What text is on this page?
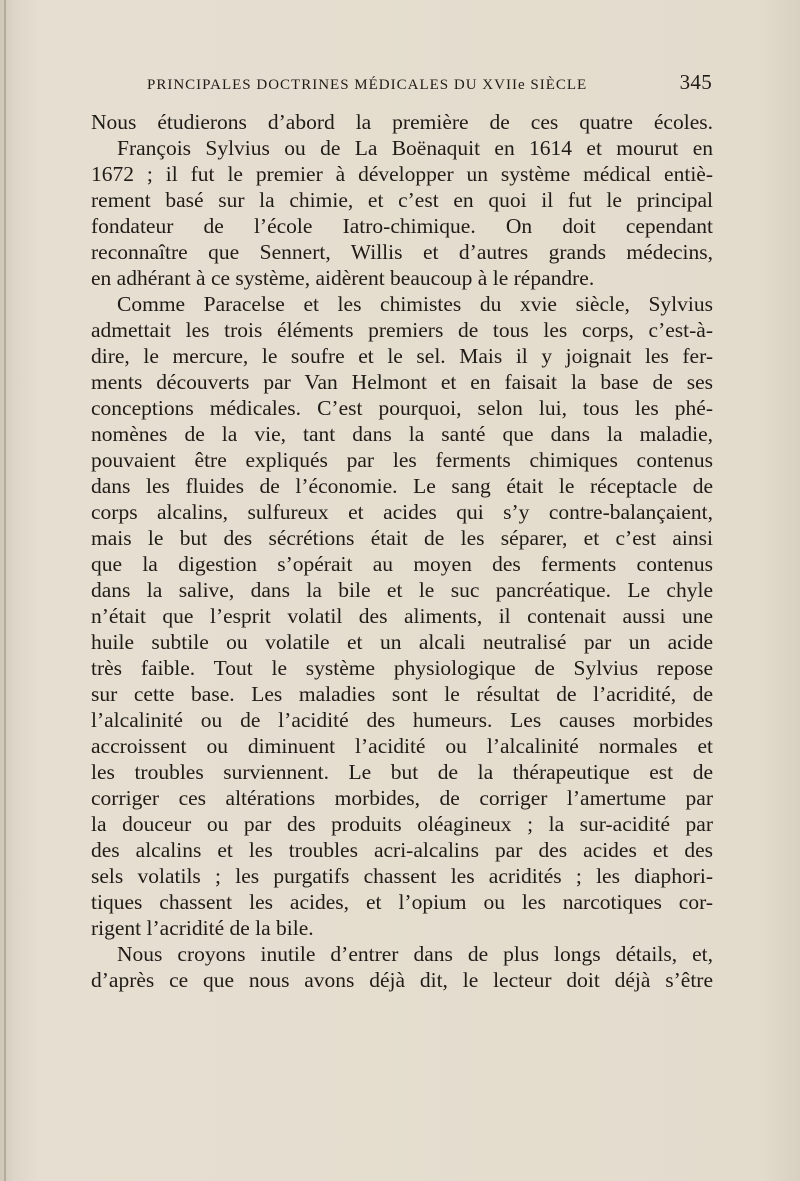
PRINCIPALES DOCTRINES MÉDICALES DU XVIIe SIÈCLE	345
Nous étudierons d’abord la première de ces quatre écoles.
François Sylvius ou de La Boënaquit en 1614 et mourut en
1672 ; il fut le premier à développer un système médical entiè-
rement basé sur la chimie, et c’est en quoi il fut le principal
fondateur de l’école Iatro-chimique. On doit cependant
reconnaître que Sennert, Willis et d’autres grands médecins,
en adhérant à ce système, aidèrent beaucoup à le répandre.
Comme Paracelse et les chimistes du xvie siècle, Sylvius
admettait les trois éléments premiers de tous les corps, c’est-à-
dire, le mercure, le soufre et le sel. Mais il y joignait les fer-
ments découverts par Van Helmont et en faisait la base de ses
conceptions médicales. C’est pourquoi, selon lui, tous les phé-
nomènes de la vie, tant dans la santé que dans la maladie,
pouvaient être expliqués par les ferments chimiques contenus
dans les fluides de l’économie. Le sang était le réceptacle de
corps alcalins, sulfureux et acides qui s’y contre-balançaient,
mais le but des sécrétions était de les séparer, et c’est ainsi
que la digestion s’opérait au moyen des ferments contenus
dans la salive, dans la bile et le suc pancréatique. Le chyle
n’était que l’esprit volatil des aliments, il contenait aussi une
huile subtile ou volatile et un alcali neutralisé par un acide
très faible. Tout le système physiologique de Sylvius repose
sur cette base. Les maladies sont le résultat de l’acridité, de
l’alcalinité ou de l’acidité des humeurs. Les causes morbides
accroissent ou diminuent l’acidité ou l’alcalinité normales et
les troubles surviennent. Le but de la thérapeutique est de
corriger ces altérations morbides, de corriger l’amertume par
la douceur ou par des produits oléagineux ; la sur-acidité par
des alcalins et les troubles acri-alcalins par des acides et des
sels volatils ; les purgatifs chassent les acridités ; les diaphori-
tiques chassent les acides, et l’opium ou les narcotiques cor-
rigent l’acridité de la bile.
Nous croyons inutile d’entrer dans de plus longs détails, et,
d’après ce que nous avons déjà dit, le lecteur doit déjà s’être
